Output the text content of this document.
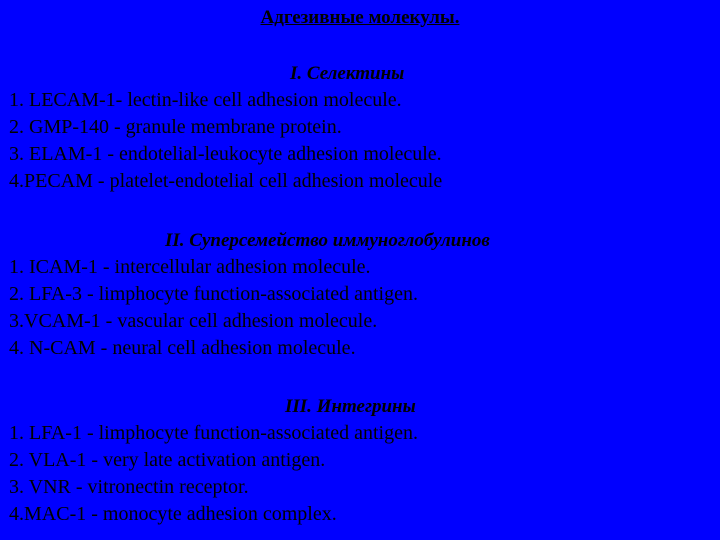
Адгезивные молекулы.
I. Селектины
1. LECAM-1- lectin-like cell adhesion molecule.
2. GMP-140 - granule membrane protein.
3. ELAM-1 - endotelial-leukocyte adhesion molecule.
4.PECAM - platelet-endotelial cell adhesion molecule
II. Суперсемейство иммуноглобулинов
1. ICAM-1 - intercellular adhesion molecule.
2. LFA-3 - limphocyte function-associated antigen.
3.VCAM-1 - vascular cell adhesion molecule.
4. N-CAM - neural cell adhesion molecule.
III. Интегрины
1. LFA-1 - limphocyte function-associated antigen.
2. VLA-1 - very late activation antigen.
3. VNR - vitronectin receptor.
4.MAC-1 - monocyte adhesion complex.
